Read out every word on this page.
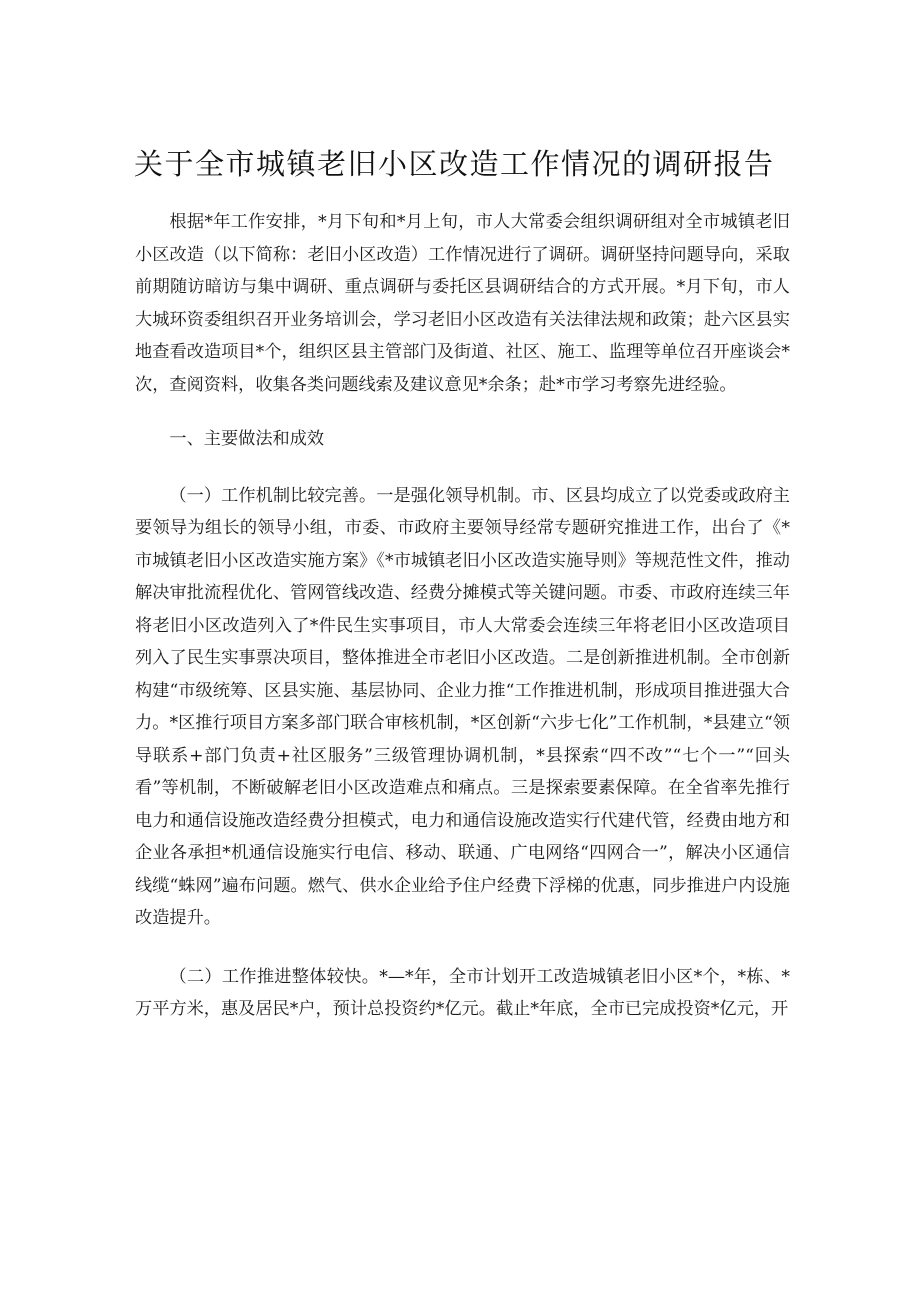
关于全市城镇老旧小区改造工作情况的调研报告

根据*年工作安排，*月下旬和*月上旬，市人大常委会组织调研组对全市城镇老旧小区改造（以下简称：老旧小区改造）工作情况进行了调研。调研坚持问题导向，采取前期随访暗访与集中调研、重点调研与委托区县调研结合的方式开展。*月下旬，市人大城环资委组织召开业务培训会，学习老旧小区改造有关法律法规和政策；赴六区县实地查看改造项目*个，组织区县主管部门及街道、社区、施工、监理等单位召开座谈会*次，查阅资料，收集各类问题线索及建议意见*余条；赴*市学习考察先进经验。

一、主要做法和成效

（一）工作机制比较完善。一是强化领导机制。市、区县均成立了以党委或政府主要领导为组长的领导小组，市委、市政府主要领导经常专题研究推进工作，出台了《*市城镇老旧小区改造实施方案》《*市城镇老旧小区改造实施导则》等规范性文件，推动解决审批流程优化、管网管线改造、经费分摊模式等关键问题。市委、市政府连续三年将老旧小区改造列入了*件民生实事项目，市人大常委会连续三年将老旧小区改造项目列入了民生实事票决项目，整体推进全市老旧小区改造。二是创新推进机制。全市创新构建“市级统筹、区县实施、基层协同、企业力推“工作推进机制，形成项目推进强大合力。*区推行项目方案多部门联合审核机制，*区创新“六步七化”工作机制，*县建立“领导联系+部门负责+社区服务”三级管理协调机制，*县探索“四不改”“七个一”“回头看”等机制，不断破解老旧小区改造难点和痛点。三是探索要素保障。在全省率先推行电力和通信设施改造经费分担模式，电力和通信设施改造实行代建代管，经费由地方和企业各承担*机通信设施实行电信、移动、联通、广电网络“四网合一”，解决小区通信线缆“蛛网”遍布问题。燃气、供水企业给予住户经费下浮梯的优惠，同步推进户内设施改造提升。

（二）工作推进整体较快。*—*年，全市计划开工改造城镇老旧小区*个，*栋、*万平方米，惠及居民*户，预计总投资约*亿元。截止*年底，全市已完成投资*亿元，开
